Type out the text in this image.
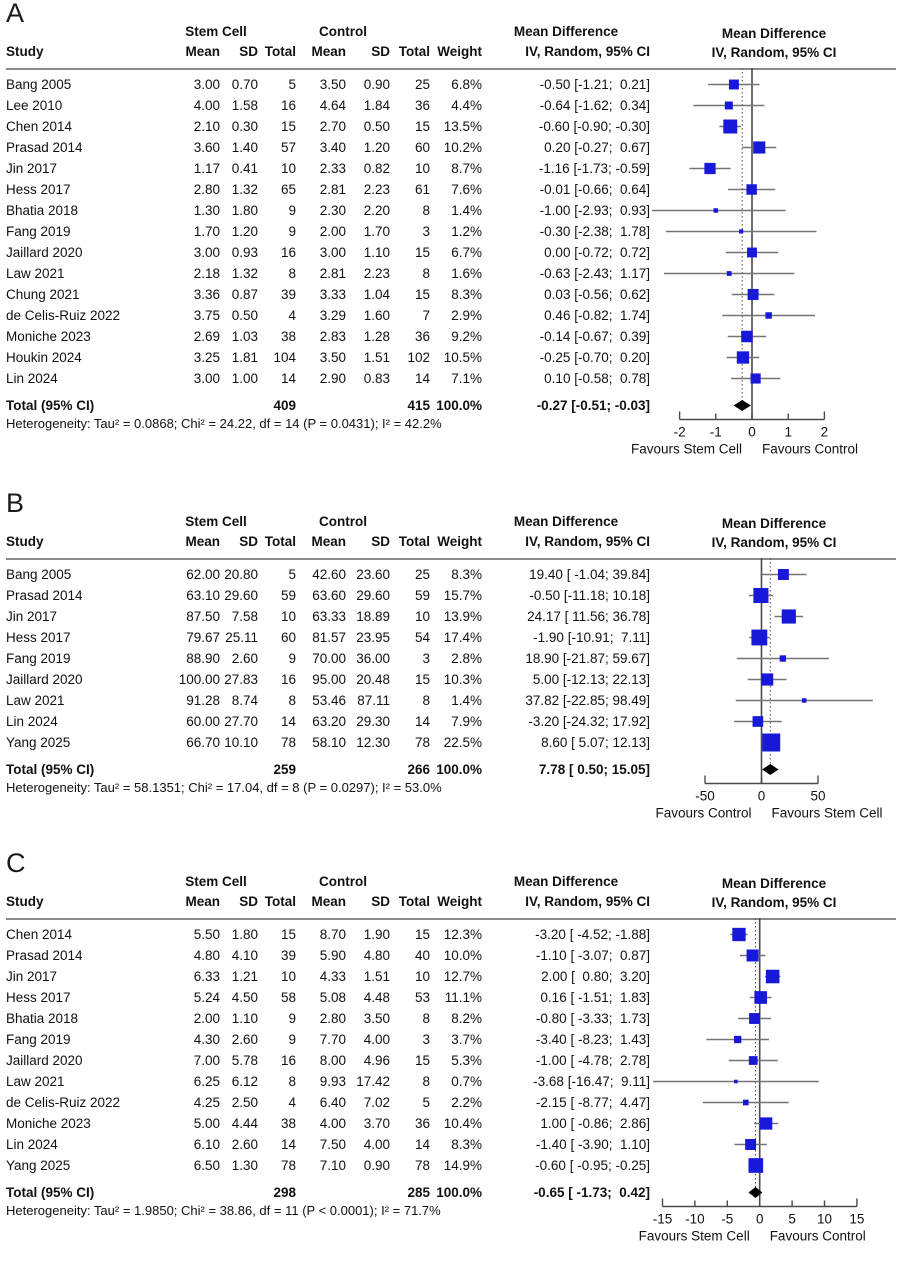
A
Stem Cell	Control	Mean Difference	Mean Difference
IV, Random, 95% CI
Study	Mean	SD Total	Mean	SD Total Weight	IV, Random, 95% CI
Bang 2005	3.00 0.70	5	3.50	0.90	25	6.8%	-0.50 [-1.21;  0.21]
Lee 2010	4.00 1.58	16	4.64	1.84	36	4.4%	-0.64 [-1.62;  0.34]
Chen 2014	2.10 0.30	15	2.70	0.50	15	13.5%	-0.60 [-0.90; -0.30]
Prasad 2014	3.60 1.40	57	3.40	1.20	60	10.2%	0.20 [-0.27;  0.67]
Jin 2017	1.17 0.41	10	2.33	0.82	10	8.7%	-1.16 [-1.73; -0.59]
Hess 2017	2.80 1.32	65	2.81	2.23	61	7.6%	-0.01 [-0.66;  0.64]
Bhatia 2018	1.30 1.80	9	2.30	2.20	8	1.4%	-1.00 [-2.93;  0.93]
Fang 2019	1.70 1.20	9	2.00	1.70	3	1.2%	-0.30 [-2.38;  1.78]
Jaillard 2020	3.00 0.93	16	3.00	1.10	15	6.7%	0.00 [-0.72;  0.72]
Law 2021	2.18 1.32	8	2.81	2.23	8	1.6%	-0.63 [-2.43;  1.17]
Chung 2021	3.36 0.87	39	3.33	1.04	15	8.3%	0.03 [-0.56;  0.62]
de Celis-Ruiz 2022	3.75 0.50	4	3.29	1.60	7	2.9%	0.46 [-0.82;  1.74]
Moniche 2023	2.69 1.03	38	2.83	1.28	36	9.2%	-0.14 [-0.67;  0.39]
Houkin 2024	3.25 1.81	104	3.50	1.51	102	10.5%	-0.25 [-0.70;  0.20]
Lin 2024	3.00 1.00	14	2.90	0.83	14	7.1%	0.10 [-0.58;  0.78]
Total (95% CI)	409	415 100.0%	-0.27 [-0.51; -0.03]
Heterogeneity: Tau² = 0.0868; Chi² = 24.22, df = 14 (P = 0.0431); I² = 42.2%
-2 -1 0 1 2
Favours Stem Cell Favours Control
B
Stem Cell	Control	Mean Difference	Mean Difference
IV, Random, 95% CI
Study	Mean	SD Total	Mean	SD Total Weight	IV, Random, 95% CI
Bang 2005	62.00 20.80	5	42.60 23.60	25	8.3%	19.40 [ -1.04; 39.84]
Prasad 2014	63.10 29.60	59	63.60 29.60	59	15.7%	-0.50 [-11.18; 10.18]
Jin 2017	87.50 7.58	10	63.33 18.89	10	13.9%	24.17 [ 11.56; 36.78]
Hess 2017	79.67 25.11	60	81.57 23.95	54	17.4%	-1.90 [-10.91;  7.11]
Fang 2019	88.90 2.60	9	70.00 36.00	3	2.8%	18.90 [-21.87; 59.67]
Jaillard 2020	100.00 27.83	16	95.00 20.48	15	10.3%	5.00 [-12.13; 22.13]
Law 2021	91.28 8.74	8	53.46 87.11	8	1.4%	37.82 [-22.85; 98.49]
Lin 2024	60.00 27.70	14	63.20 29.30	14	7.9%	-3.20 [-24.32; 17.92]
Yang 2025	66.70 10.10	78	58.10 12.30	78	22.5%	8.60 [ 5.07; 12.13]
Total (95% CI)	259	266 100.0%	7.78 [ 0.50; 15.05]
Heterogeneity: Tau² = 58.1351; Chi² = 17.04, df = 8 (P = 0.0297); I² = 53.0%
-50	0	50
Favours Control Favours Stem Cell
C
Stem Cell	Control	Mean Difference	Mean Difference
IV, Random, 95% CI
Study	Mean	SD Total	Mean	SD Total Weight	IV, Random, 95% CI
Chen 2014	5.50 1.80	15	8.70	1.90	15	12.3%	-3.20 [ -4.52; -1.88]
Prasad 2014	4.80 4.10	39	5.90	4.80	40	10.0%	-1.10 [ -3.07;  0.87]
Jin 2017	6.33 1.21	10	4.33	1.51	10	12.7%	2.00 [  0.80;  3.20]
Hess 2017	5.24 4.50	58	5.08	4.48	53	11.1%	0.16 [ -1.51;  1.83]
Bhatia 2018	2.00 1.10	9	2.80	3.50	8	8.2%	-0.80 [ -3.33;  1.73]
Fang 2019	4.30 2.60	9	7.70	4.00	3	3.7%	-3.40 [ -8.23;  1.43]
Jaillard 2020	7.00 5.78	16	8.00	4.96	15	5.3%	-1.00 [ -4.78;  2.78]
Law 2021	6.25 6.12	8	9.93 17.42	8	0.7%	-3.68 [-16.47;  9.11]
de Celis-Ruiz 2022	4.25 2.50	4	6.40	7.02	5	2.2%	-2.15 [ -8.77;  4.47]
Moniche 2023	5.00 4.44	38	4.00	3.70	36	10.4%	1.00 [ -0.86;  2.86]
Lin 2024	6.10 2.60	14	7.50	4.00	14	8.3%	-1.40 [ -3.90;  1.10]
Yang 2025	6.50 1.30	78	7.10	0.90	78	14.9%	-0.60 [ -0.95; -0.25]
Total (95% CI)	298	285 100.0%	-0.65 [ -1.73;  0.42]
Heterogeneity: Tau² = 1.9850; Chi² = 38.86, df = 11 (P < 0.0001); I² = 71.7%
-15 -10 -5 0 5 10 15
Favours Stem Cell Favours Control
